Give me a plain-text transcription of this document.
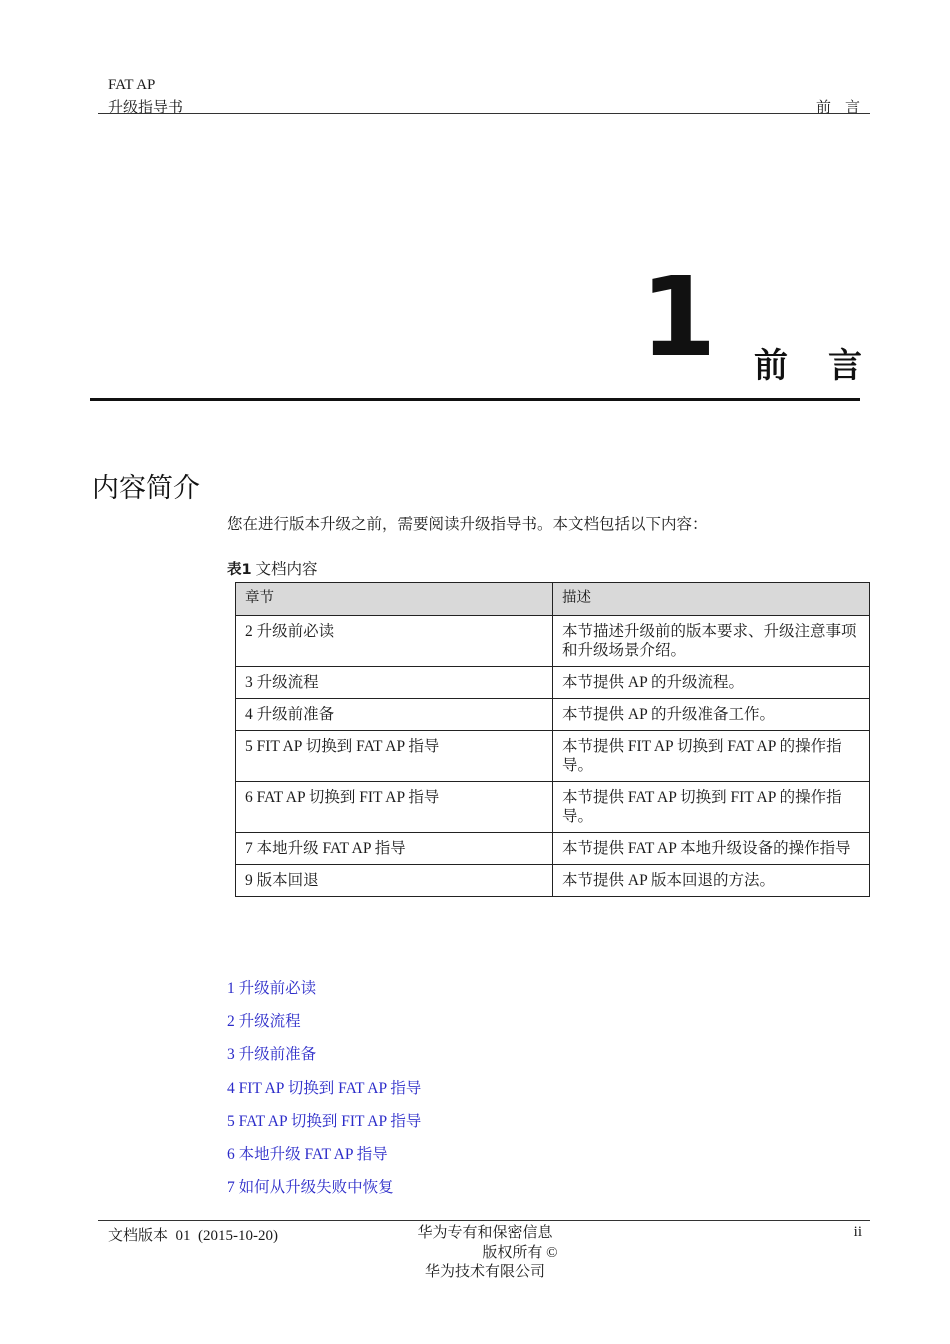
FAT AP
升级指导书	前言
1 前言
内容简介
您在进行版本升级之前，需要阅读升级指导书。本文档包括以下内容：
表1 文档内容
章节	描述
2 升级前必读	本节描述升级前的版本要求、升级注意事项和升级场景介绍。
3 升级流程	本节提供 AP 的升级流程。
4 升级前准备	本节提供 AP 的升级准备工作。
5 FIT AP 切换到 FAT AP 指导	本节提供 FIT AP 切换到 FAT AP 的操作指导。
6 FAT AP 切换到 FIT AP 指导	本节提供 FAT AP 切换到 FIT AP 的操作指导。
7 本地升级 FAT AP 指导	本节提供 FAT AP 本地升级设备的操作指导
9 版本回退	本节提供 AP 版本回退的方法。
1 升级前必读
2 升级流程
3 升级前准备
4 FIT AP 切换到 FAT AP 指导
5 FAT AP 切换到 FIT AP 指导
6 本地升级 FAT AP 指导
7 如何从升级失败中恢复
文档版本  01  (2015-10-20)	华为专有和保密信息
版权所有 ©
华为技术有限公司
ii
